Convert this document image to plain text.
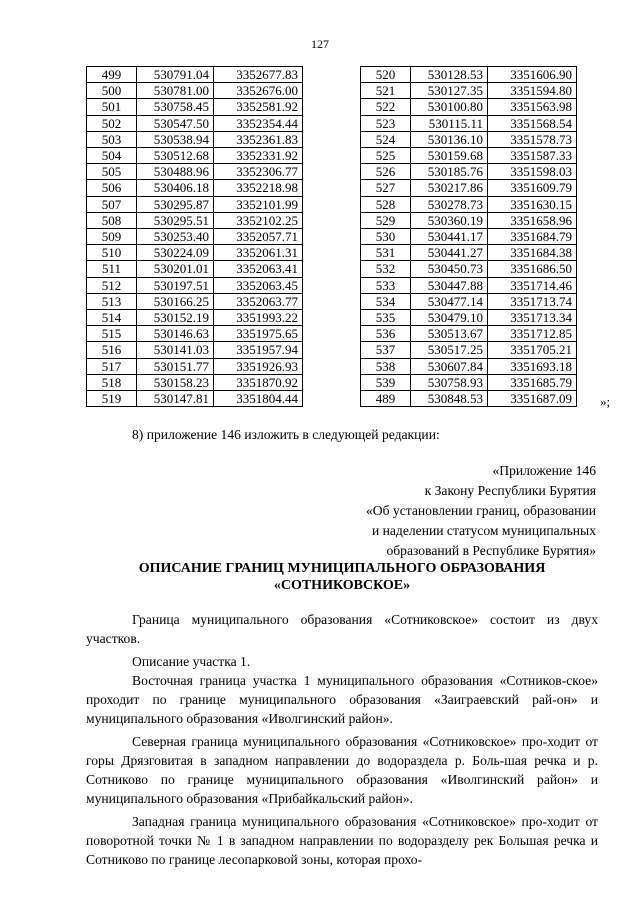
127
499	530791.04	3352677.83
500	530781.00	3352676.00
501	530758.45	3352581.92
502	530547.50	3352354.44
503	530538.94	3352361.83
504	530512.68	3352331.92
505	530488.96	3352306.77
506	530406.18	3352218.98
507	530295.87	3352101.99
508	530295.51	3352102.25
509	530253.40	3352057.71
510	530224.09	3352061.31
511	530201.01	3352063.41
512	530197.51	3352063.45
513	530166.25	3352063.77
514	530152.19	3351993.22
515	530146.63	3351975.65
516	530141.03	3351957.94
517	530151.77	3351926.93
518	530158.23	3351870.92
519	530147.81	3351804.44
520	530128.53	3351606.90
521	530127.35	3351594.80
522	530100.80	3351563.98
523	530115.11	3351568.54
524	530136.10	3351578.73
525	530159.68	3351587.33
526	530185.76	3351598.03
527	530217.86	3351609.79
528	530278.73	3351630.15
529	530360.19	3351658.96
530	530441.17	3351684.79
531	530441.27	3351684.38
532	530450.73	3351686.50
533	530447.88	3351714.46
534	530477.14	3351713.74
535	530479.10	3351713.34
536	530513.67	3351712.85
537	530517.25	3351705.21
538	530607.84	3351693.18
539	530758.93	3351685.79
489	530848.53	3351687.09 »;
8) приложение 146 изложить в следующей редакции:
«Приложение 146
к Закону Республики Бурятия
«Об установлении границ, образовании
и наделении статусом муниципальных
образований в Республике Бурятия»
ОПИСАНИЕ ГРАНИЦ МУНИЦИПАЛЬНОГО ОБРАЗОВАНИЯ
«СОТНИКОВСКОЕ»

Граница муниципального образования «Сотниковское» состоит из двух участков.

Описание участка 1.

Восточная граница участка 1 муниципального образования «Сотников-ское» проходит по границе муниципального образования «Заиграевский рай-он» и муниципального образования «Иволгинский район».

Северная граница муниципального образования «Сотниковское» про-ходит от горы Дрязговитая в западном направлении до водораздела р. Боль-шая речка и р. Сотниково по границе муниципального образования «Иволгинский район» и муниципального образования «Прибайкальский район».

Западная граница муниципального образования «Сотниковское» про-ходит от поворотной точки № 1 в западном направлении по водоразделу рек Большая речка и Сотниково по границе лесопарковой зоны, которая прохо-
